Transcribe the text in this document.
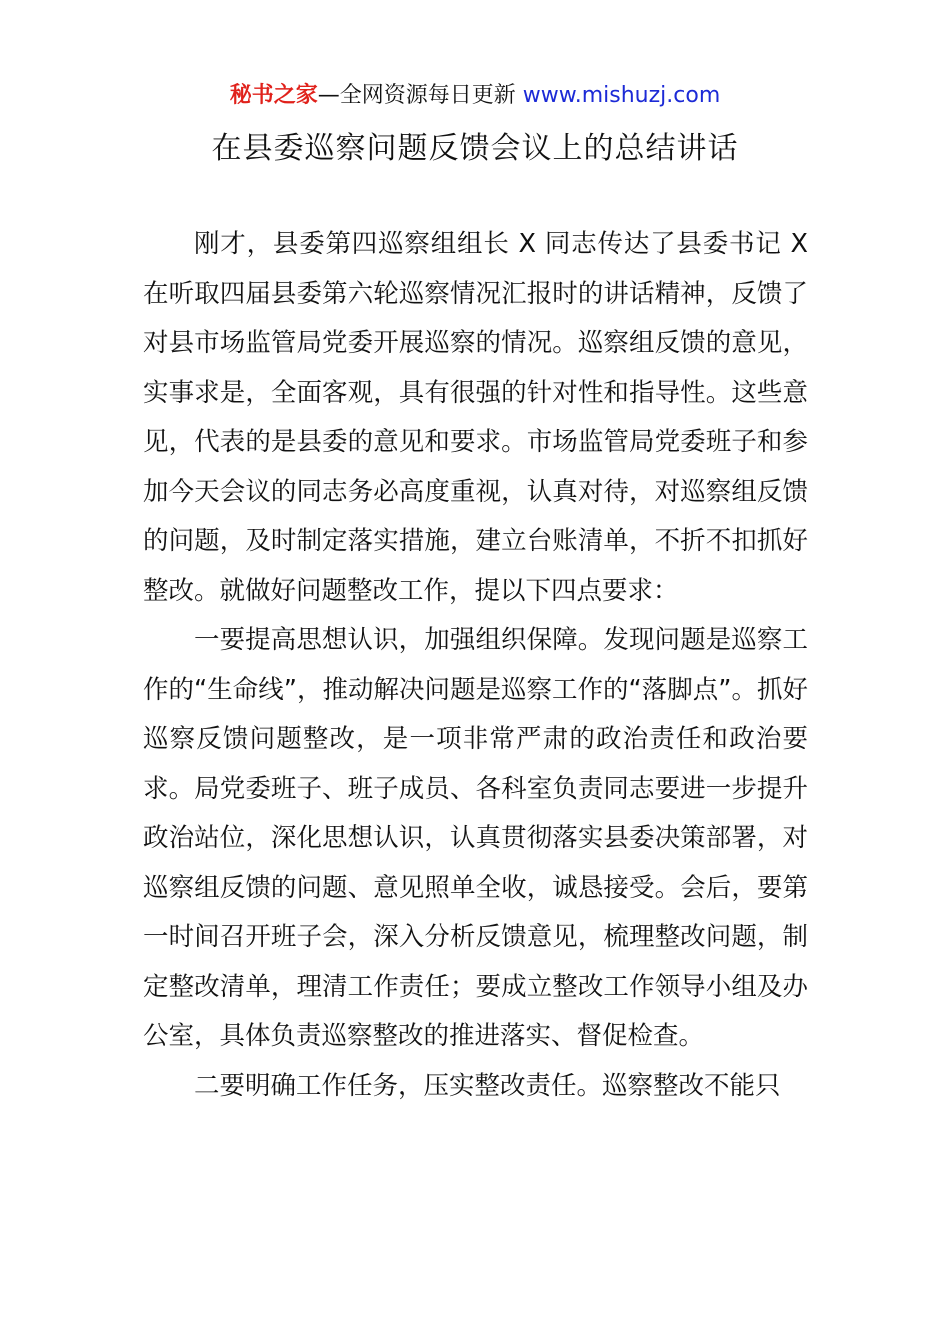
秘书之家—全网资源每日更新 www.mishuzj.com
在县委巡察问题反馈会议上的总结讲话

刚才，县委第四巡察组组长 X 同志传达了县委书记 X 在听取四届县委第六轮巡察情况汇报时的讲话精神，反馈了对县市场监管局党委开展巡察的情况。巡察组反馈的意见，实事求是，全面客观，具有很强的针对性和指导性。这些意见，代表的是县委的意见和要求。市场监管局党委班子和参加今天会议的同志务必高度重视，认真对待，对巡察组反馈的问题，及时制定落实措施，建立台账清单，不折不扣抓好整改。就做好问题整改工作，提以下四点要求：

一要提高思想认识，加强组织保障。发现问题是巡察工作的“生命线”，推动解决问题是巡察工作的“落脚点”。抓好巡察反馈问题整改，是一项非常严肃的政治责任和政治要求。局党委班子、班子成员、各科室负责同志要进一步提升政治站位，深化思想认识，认真贯彻落实县委决策部署，对巡察组反馈的问题、意见照单全收，诚恳接受。会后，要第一时间召开班子会，深入分析反馈意见，梳理整改问题，制定整改清单，理清工作责任；要成立整改工作领导小组及办公室，具体负责巡察整改的推进落实、督促检查。

二要明确工作任务，压实整改责任。巡察整改不能只
